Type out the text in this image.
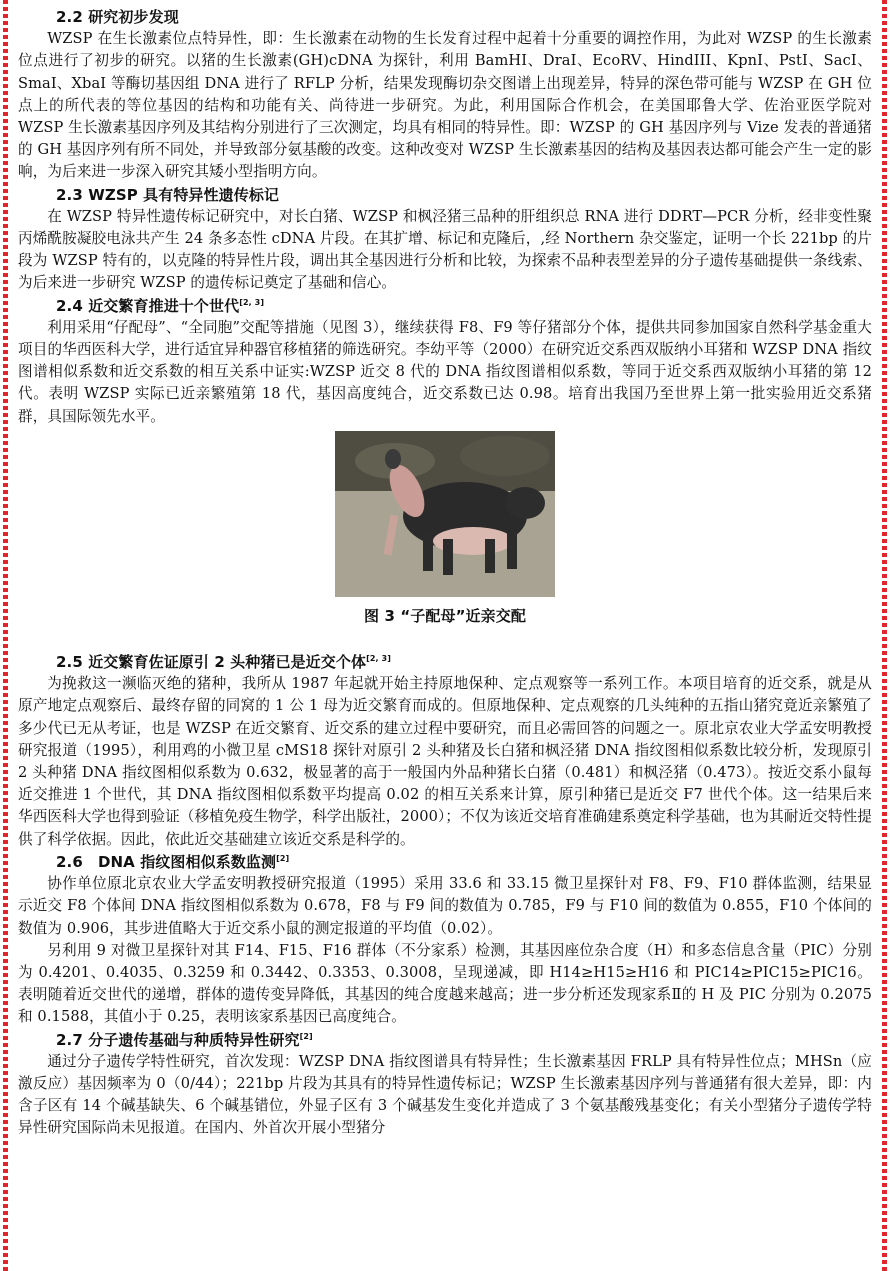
2.2 研究初步发现

WZSP 在生长激素位点特异性，即：生长激素在动物的生长发育过程中起着十分重要的调控作用，为此对 WZSP 的生长激素位点进行了初步的研究。以猪的生长激素(GH)cDNA 为探针，利用 BamHI、DraI、EcoRV、HindIII、KpnI、PstI、SacI、SmaI、XbaI 等酶切基因组 DNA 进行了 RFLP 分析，结果发现酶切杂交图谱上出现差异，特异的深色带可能与 WZSP 在 GH 位点上的所代表的等位基因的结构和功能有关、尚待进一步研究。为此，利用国际合作机会，在美国耶鲁大学、佐治亚医学院对 WZSP 生长激素基因序列及其结构分别进行了三次测定，均具有相同的特异性。即：WZSP 的 GH 基因序列与 Vize 发表的普通猪的 GH 基因序列有所不同处，并导致部分氨基酸的改变。这种改变对 WZSP 生长激素基因的结构及基因表达都可能会产生一定的影响，为后来进一步深入研究其矮小型指明方向。

2.3 WZSP 具有特异性遗传标记

在 WZSP 特异性遗传标记研究中，对长白猪、WZSP 和枫泾猪三品种的肝组织总 RNA 进行 DDRT—PCR 分析，经非变性聚丙烯酰胺凝胶电泳共产生 24 条多态性 cDNA 片段。在其扩增、标记和克隆后，,经 Northern 杂交鉴定，证明一个长 221bp 的片段为 WZSP 特有的，以克隆的特异性片段，调出其全基因进行分析和比较，为探索不品种表型差异的分子遗传基础提供一条线索、为后来进一步研究 WZSP 的遗传标记奠定了基础和信心。

2.4 近交繁育推进十个世代[2, 3]

利用采用“仔配母”、“全同胞”交配等措施（见图 3），继续获得 F8、F9 等仔猪部分个体，提供共同参加国家自然科学基金重大项目的华西医科大学，进行适宜异种器官移植猪的筛选研究。李幼平等（2000）在研究近交系西双版纳小耳猪和 WZSP DNA 指纹图谱相似系数和近交系数的相互关系中证实:WZSP 近交 8 代的 DNA 指纹图谱相似系数，等同于近交系西双版纳小耳猪的第 12 代。表明 WZSP 实际已近亲繁殖第 18 代，基因高度纯合，近交系数已达 0.98。培育出我国乃至世界上第一批实验用近交系猪群，具国际领先水平。

图 3 “子配母”近亲交配
2.5 近交繁育佐证原引 2 头种猪已是近交个体[2, 3]

为挽救这一濒临灭绝的猪种，我所从 1987 年起就开始主持原地保种、定点观察等一系列工作。本项目培育的近交系，就是从原产地定点观察后、最终存留的同窝的 1 公 1 母为近交繁育而成的。但原地保种、定点观察的几头纯种的五指山猪究竟近亲繁殖了多少代已无从考证，也是 WZSP 在近交繁育、近交系的建立过程中要研究，而且必需回答的问题之一。原北京农业大学孟安明教授研究报道（1995），利用鸡的小微卫星 cMS18 探针对原引 2 头种猪及长白猪和枫泾猪 DNA 指纹图相似系数比较分析，发现原引 2 头种猪 DNA 指纹图相似系数为 0.632，极显著的高于一般国内外品种猪长白猪（0.481）和枫泾猪（0.473）。按近交系小鼠每近交推进 1 个世代，其 DNA 指纹图相似系数平均提高 0.02 的相互关系来计算，原引种猪已是近交 F7 世代个体。这一结果后来华西医科大学也得到验证（移植免疫生物学，科学出版社，2000）；不仅为该近交培育准确建系奠定科学基础，也为其耐近交特性提供了科学依据。因此，依此近交基础建立该近交系是科学的。

2.6　DNA 指纹图相似系数监测[2]

协作单位原北京农业大学孟安明教授研究报道（1995）采用 33.6 和 33.15 微卫星探针对 F8、F9、F10 群体监测，结果显示近交 F8 个体间 DNA 指纹图相似系数为 0.678，F8 与 F9 间的数值为 0.785，F9 与 F10 间的数值为 0.855，F10 个体间的数值为 0.906，其步进值略大于近交系小鼠的测定报道的平均值（0.02）。

另利用 9 对微卫星探针对其 F14、F15、F16 群体（不分家系）检测，其基因座位杂合度（H）和多态信息含量（PIC）分别为 0.4201、0.4035、0.3259 和 0.3442、0.3353、0.3008，呈现递减，即 H14≥H15≥H16 和 PIC14≥PIC15≥PIC16。表明随着近交世代的递增，群体的遗传变异降低，其基因的纯合度越来越高；进一步分析还发现家系Ⅱ的 H 及 PIC 分别为 0.2075 和 0.1588，其值小于 0.25，表明该家系基因已高度纯合。

2.7 分子遗传基础与种质特异性研究[2]

通过分子遗传学特性研究，首次发现：WZSP DNA 指纹图谱具有特异性；生长激素基因 FRLP 具有特异性位点；MHSn（应激反应）基因频率为 0（0/44）；221bp 片段为其具有的特异性遗传标记；WZSP 生长激素基因序列与普通猪有很大差异，即：内含子区有 14 个碱基缺失、6 个碱基错位，外显子区有 3 个碱基发生变化并造成了 3 个氨基酸残基变化；有关小型猪分子遗传学特异性研究国际尚未见报道。在国内、外首次开展小型猪分
